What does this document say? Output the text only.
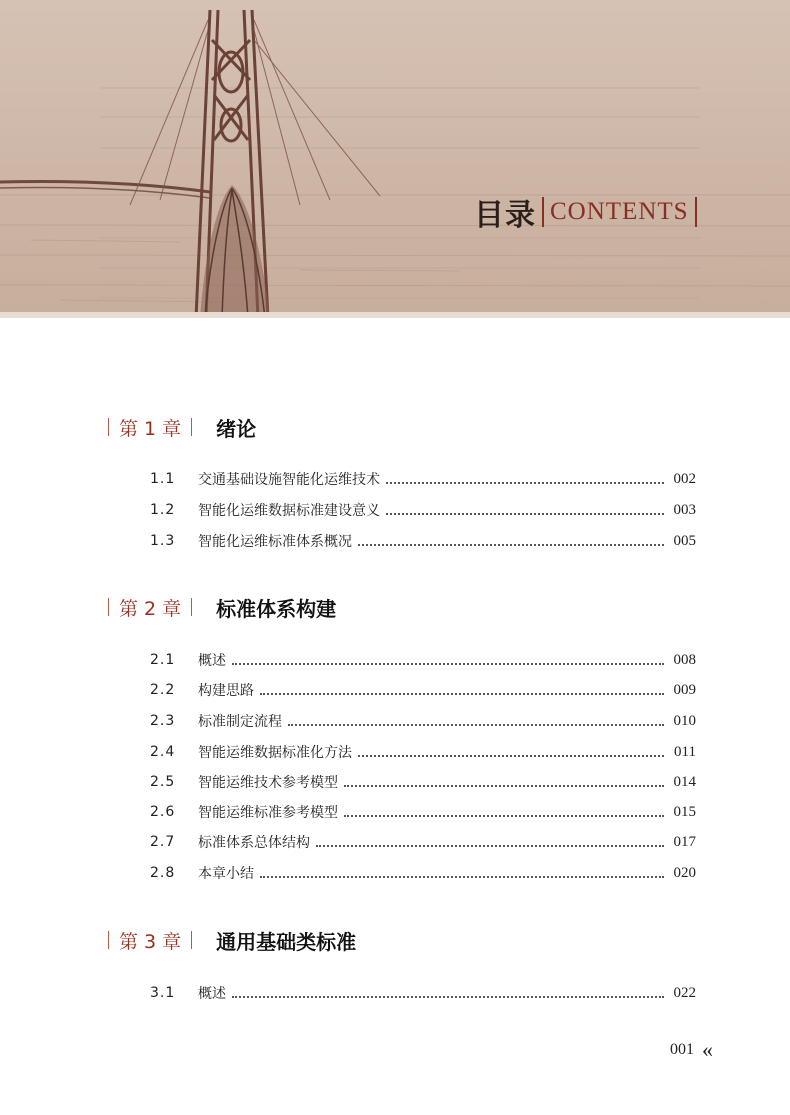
目录 CONTENTS
第 1 章 绪论
1.1	交通基础设施智能化运维技术	002
1.2	智能化运维数据标准建设意义	003
1.3	智能化运维标准体系概况	005
第 2 章 标准体系构建
2.1	概述	008
2.2	构建思路	009
2.3	标准制定流程	010
2.4	智能运维数据标准化方法	011
2.5	智能运维技术参考模型	014
2.6	智能运维标准参考模型	015
2.7	标准体系总体结构	017
2.8	本章小结	020
第 3 章 通用基础类标准
3.1	概述	022
001 «
